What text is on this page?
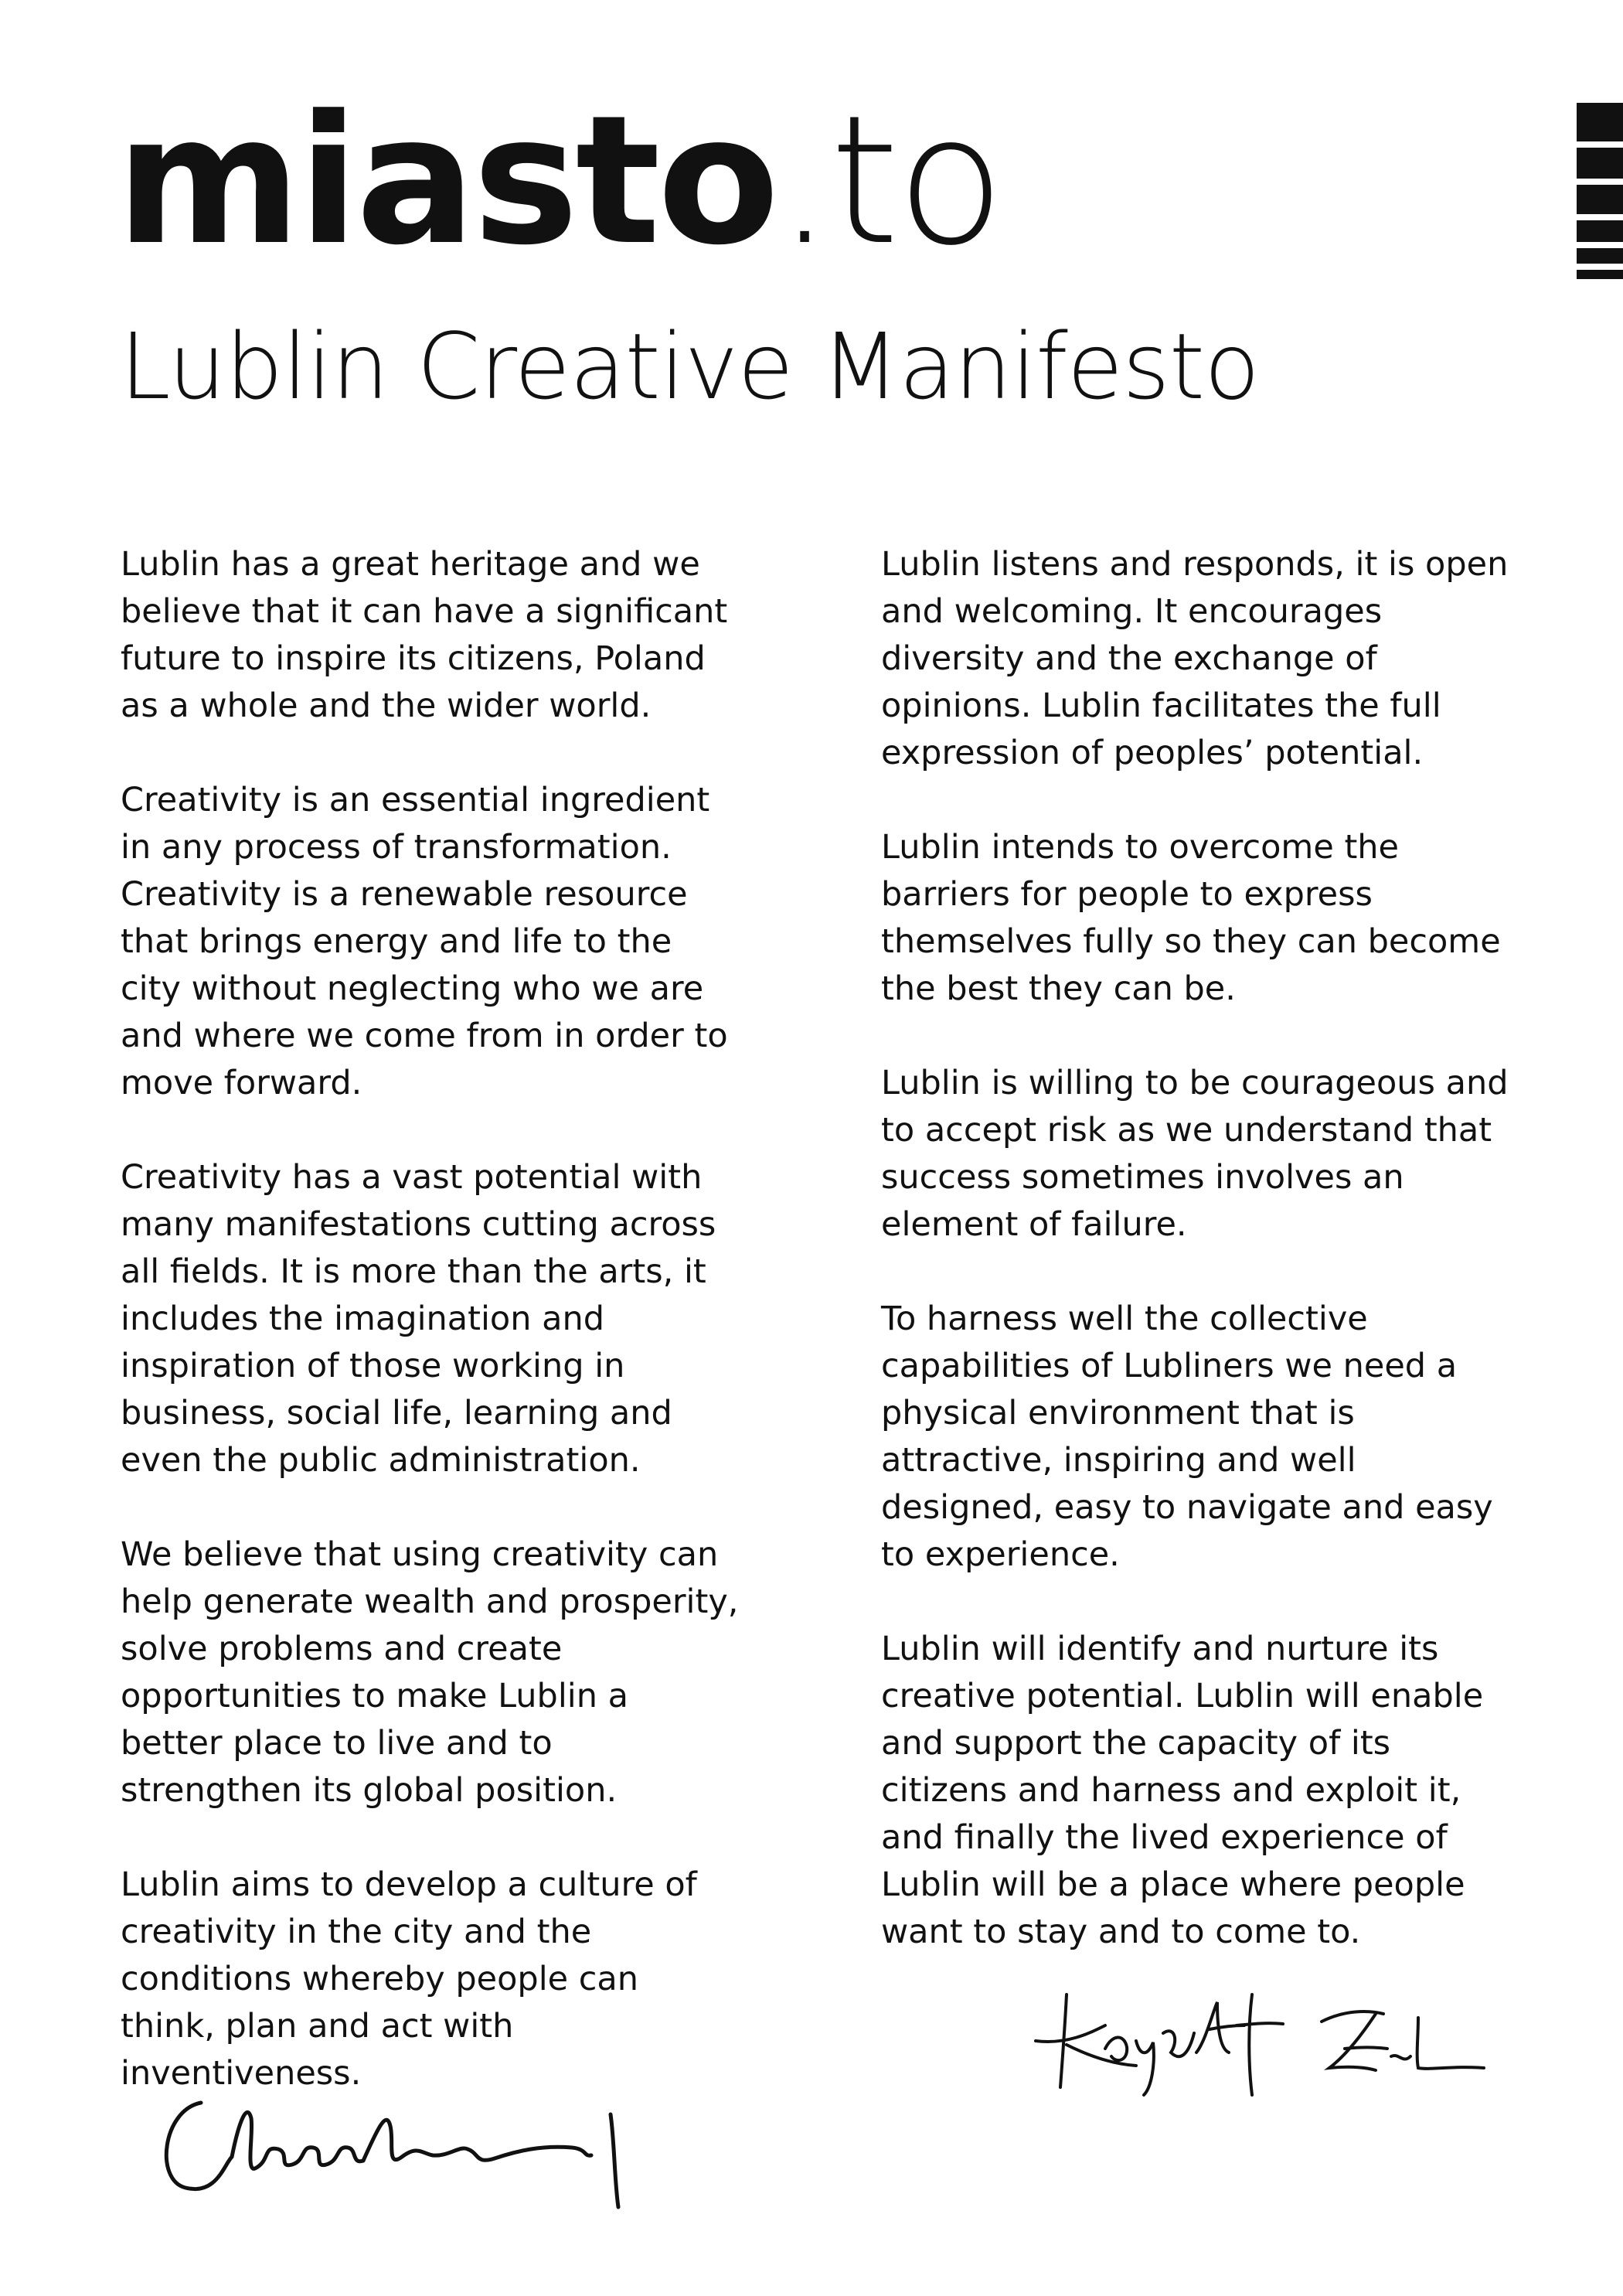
miasto.to
Lublin Creative Manifesto

Lublin has a great heritage and we believe that it can have a significant future to inspire its citizens, Poland as a whole and the wider world.

Creativity is an essential ingredient in any process of transformation. Creativity is a renewable resource that brings energy and life to the city without neglecting who we are and where we come from in order to move forward.

Creativity has a vast potential with many manifestations cutting across all fields. It is more than the arts, it includes the imagination and inspiration of those working in business, social life, learning and even the public administration.

We believe that using creativity can help generate wealth and prosperity, solve problems and create opportunities to make Lublin a better place to live and to strengthen its global position.

Lublin aims to develop a culture of creativity in the city and the conditions whereby people can think, plan and act with inventiveness.

Lublin listens and responds, it is open and welcoming. It encourages diversity and the exchange of opinions. Lublin facilitates the full expression of peoples’ potential.

Lublin intends to overcome the barriers for people to express themselves fully so they can become the best they can be.

Lublin is willing to be courageous and to accept risk as we understand that success sometimes involves an element of failure.

To harness well the collective capabilities of Lubliners we need a physical environment that is attractive, inspiring and well designed, easy to navigate and easy to experience.

Lublin will identify and nurture its creative potential. Lublin will enable and support the capacity of its citizens and harness and exploit it, and finally the lived experience of Lublin will be a place where people want to stay and to come to.
